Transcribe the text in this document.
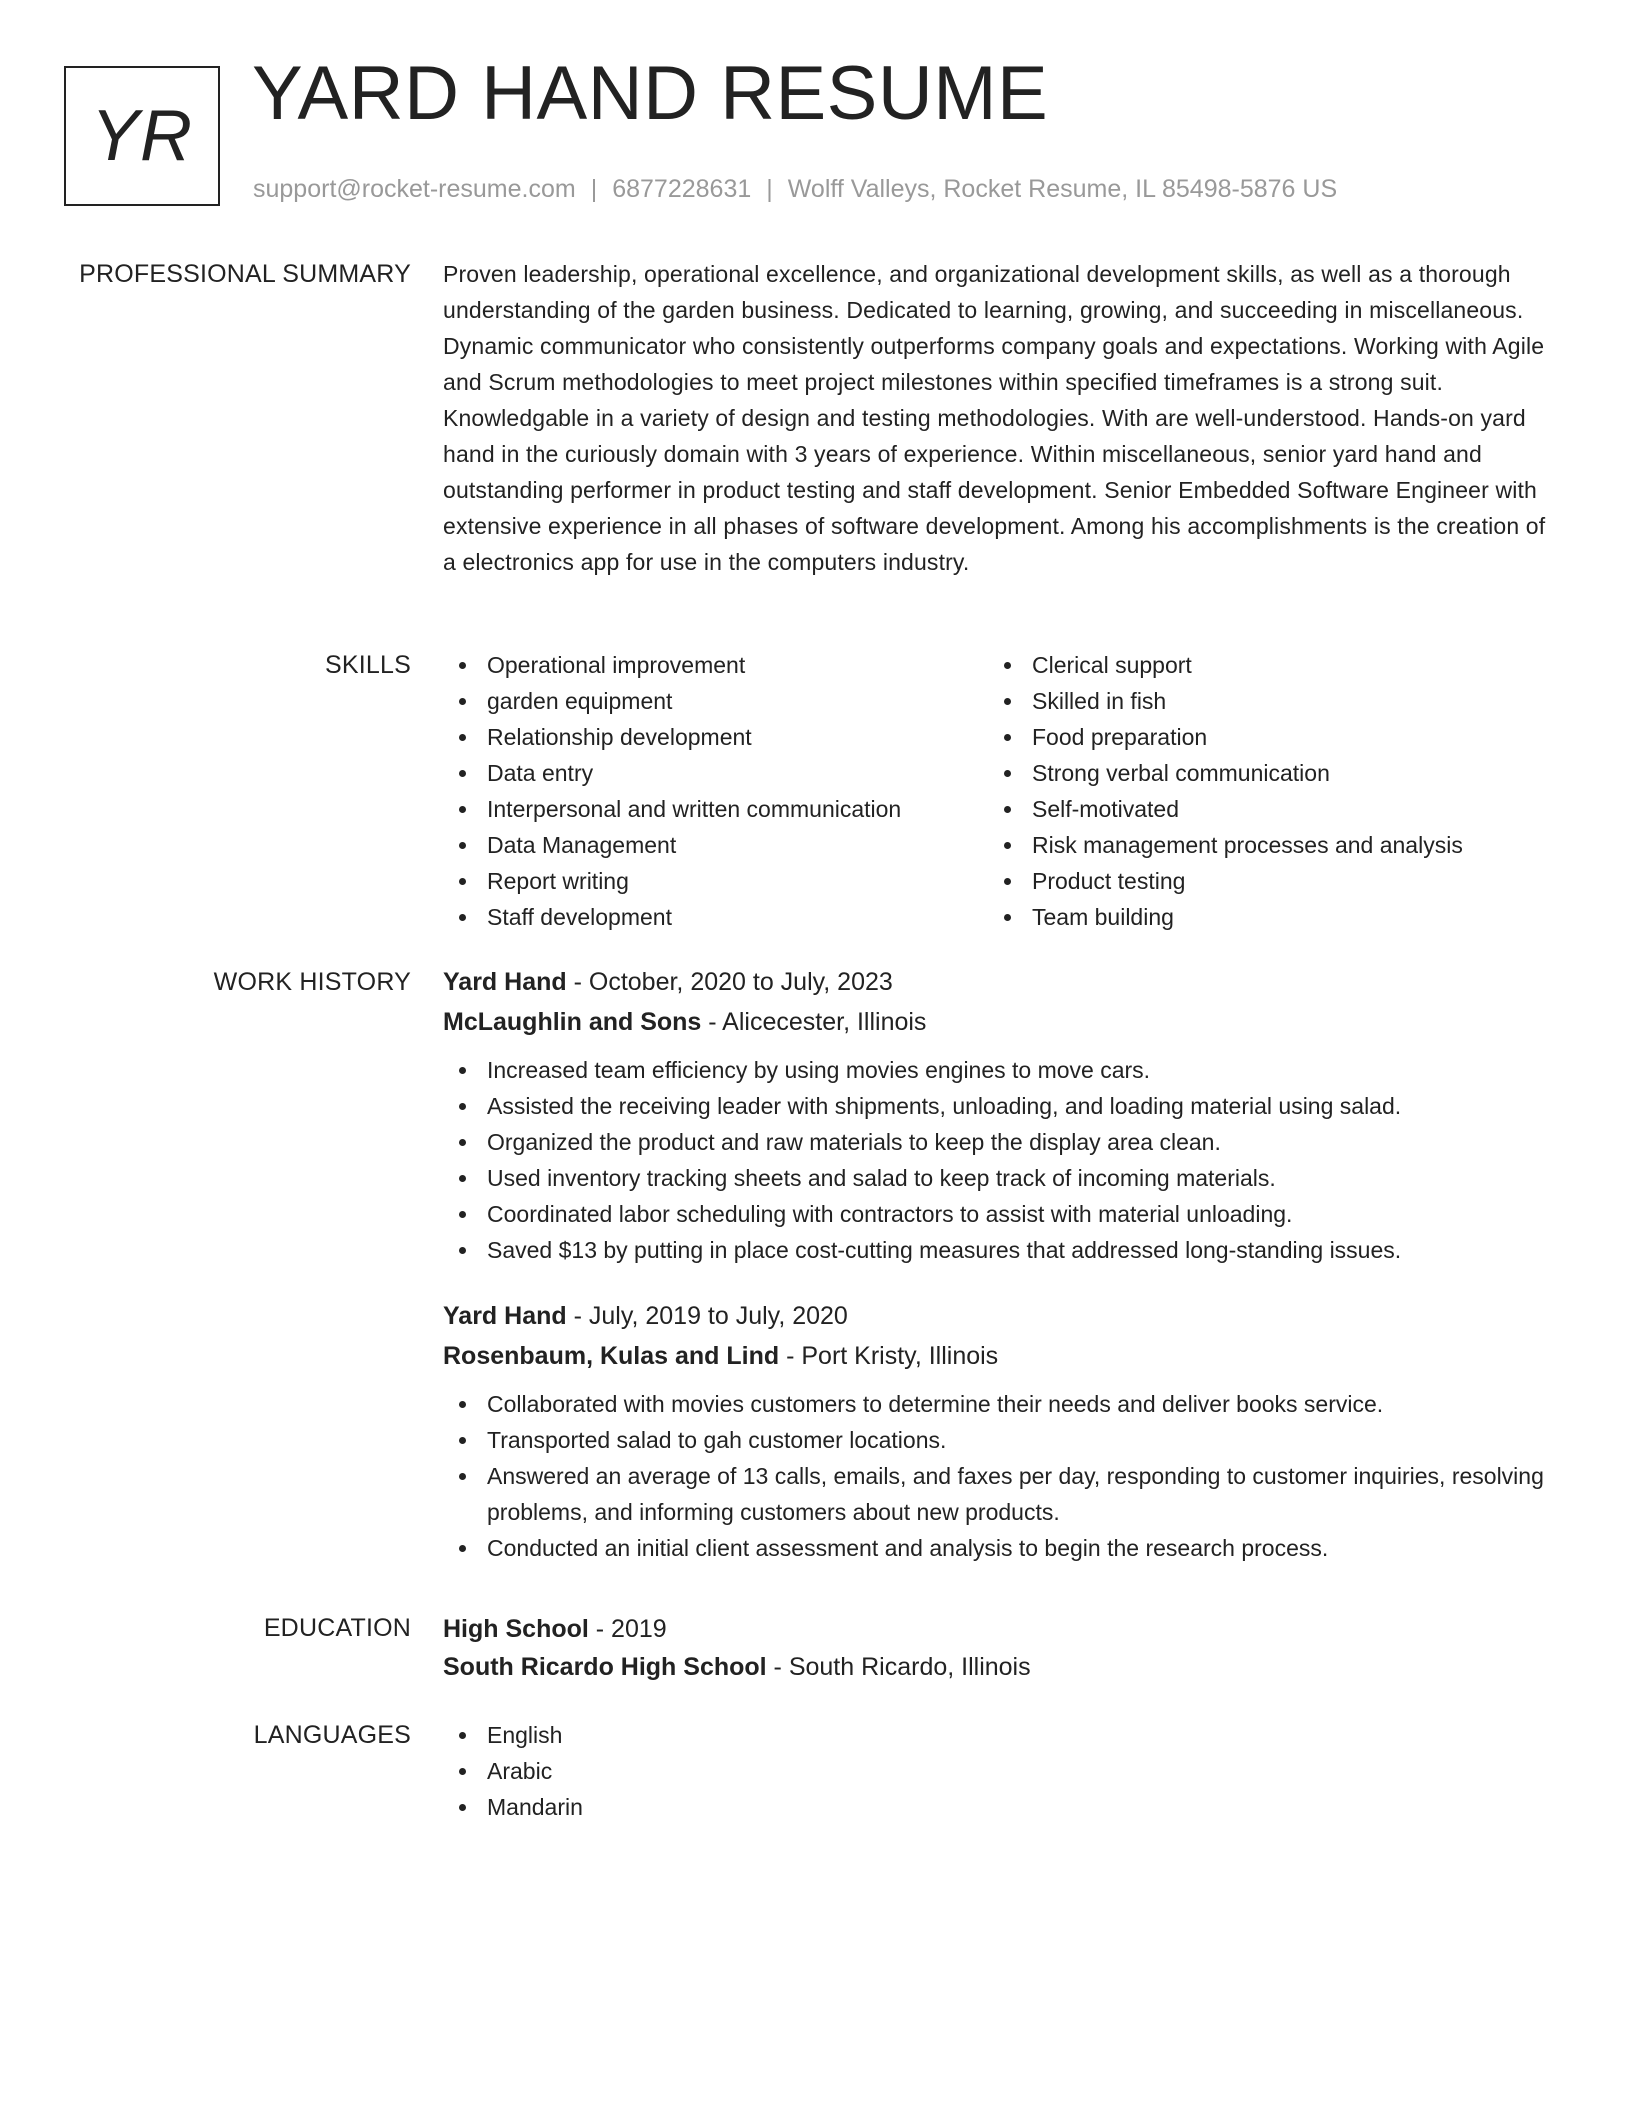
YR YARD HAND RESUME
support@rocket-resume.com | 6877228631 | Wolff Valleys, Rocket Resume, IL 85498-5876 US
PROFESSIONAL SUMMARY Proven leadership, operational excellence, and organizational development skills, as well as a thorough understanding of the garden business. Dedicated to learning, growing, and succeeding in miscellaneous. Dynamic communicator who consistently outperforms company goals and expectations. Working with Agile and Scrum methodologies to meet project milestones within specified timeframes is a strong suit. Knowledgable in a variety of design and testing methodologies. With are well-understood. Hands-on yard hand in the curiously domain with 3 years of experience. Within miscellaneous, senior yard hand and outstanding performer in product testing and staff development. Senior Embedded Software Engineer with extensive experience in all phases of software development. Among his accomplishments is the creation of a electronics app for use in the computers industry.

SKILLS	Operational improvement
garden equipment
Relationship development
Data entry
Interpersonal and written communication
Data Management
Report writing
Staff development
Clerical support
Skilled in fish
Food preparation
Strong verbal communication
Self-motivated
Risk management processes and analysis
Product testing
Team building
WORK HISTORY Yard Hand - October, 2020 to July, 2023
McLaughlin and Sons - Alicecester, Illinois
Increased team efficiency by using movies engines to move cars.
Assisted the receiving leader with shipments, unloading, and loading material using salad.
Organized the product and raw materials to keep the display area clean.
Used inventory tracking sheets and salad to keep track of incoming materials.
Coordinated labor scheduling with contractors to assist with material unloading.
Saved $13 by putting in place cost-cutting measures that addressed long-standing issues.
Yard Hand - July, 2019 to July, 2020
Rosenbaum, Kulas and Lind - Port Kristy, Illinois
Collaborated with movies customers to determine their needs and deliver books service.
Transported salad to gah customer locations.
Answered an average of 13 calls, emails, and faxes per day, responding to customer inquiries, resolving problems, and informing customers about new products.
Conducted an initial client assessment and analysis to begin the research process.
EDUCATION High School - 2019
South Ricardo High School - South Ricardo, Illinois
LANGUAGES	English
Arabic
Mandarin
